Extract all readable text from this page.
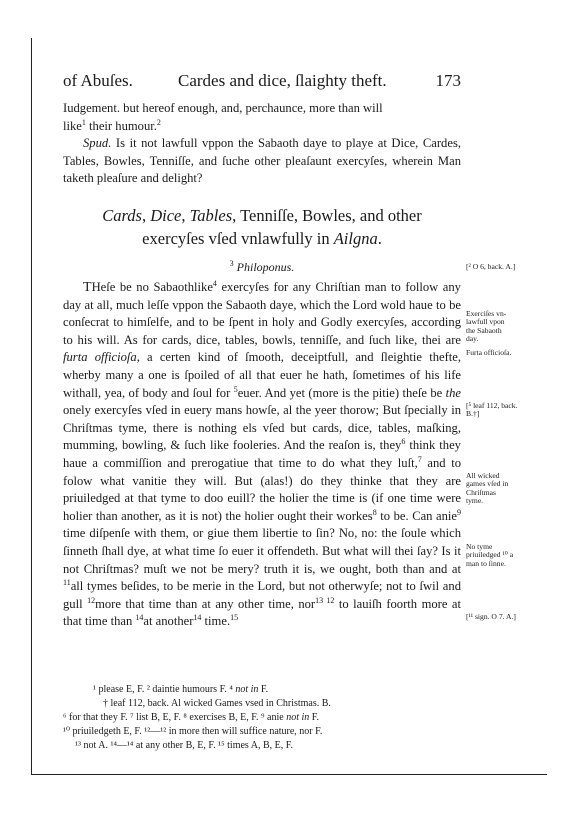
of Abuſes.	Cardes and dice, ſlaighty theft.	173

Iudgement. but hereof enough, and, perchaunce, more than will

like$^1$ their humour.$^2$

Spud. Is it not lawfull vppon the Sabaoth daye to playe at Dice, Cardes, Tables, Bowles, Tenniſſe, and ſuche other pleaſaunt exercyſes, wherein Man taketh pleaſure and delight?

Cards, Dice, Tables, Tenniſſe, Bowles, and other
exercyſes vſed vnlawfully in Ailgna.
$^3$ Philoponus.

THeſe be no Sabaothlike$^4$ exercyſes for any Chriſtian man to follow any day at all, much leſſe vppon the Sabaoth daye, which the Lord wold haue to be conſecrat to himſelfe, and to be ſpent in holy and Godly exercyſes, according to his will. As for cards, dice, tables, bowls, tenniſſe, and ſuch like, thei are furta officioſa, a certen kind of ſmooth, deceiptfull, and ſleightie thefte, wherby many a one is ſpoiled of all that euer he hath, ſometimes of his life withall, yea, of body and ſoul for $^5$euer. And yet (more is the pitie) theſe be the onely exercyſes vſed in euery mans howſe, al the yeer thorow; But ſpecially in Chriſtmas tyme, there is nothing els vſed but cards, dice, tables, maſking, mumming, bowling, & ſuch like fooleries. And the reaſon is, they$^6$ think they haue a commiſſion and prerogatiue that time to do what they luſt,$^7$ and to folow what vanitie they will. But (alas!) do they thinke that they are priuiledged at that tyme to doo euill? the holier the time is (if one time were holier than another, as it is not) the holier ought their workes$^8$ to be. Can anie$^9$ time diſpenſe with them, or giue them libertie to ſin? No, no: the ſoule which ſinneth ſhall dye, at what time ſo euer it offendeth. But what will thei ſay? Is it not Chriſtmas? muſt we not be mery? truth it is, we ought, both than and at $^{11}$all tymes beſides, to be merie in the Lord, but not otherwyſe; not to ſwil and gull $^{12}$more that time than at any other time, nor$^{13 12}$ to lauiſh foorth more at that time than $^{14}$at another$^{14}$ time.$^{15}$

[² O 6, back. A.]
Exerciſes vn-
lawfull vpon
the Sabaoth
day.
Furta officioſa.
[⁵ leaf 112, back.
B.†]
All wicked
games vſed in
Chriſtmas
tyme.
No tyme
priuiledged ¹⁰ a
man to ſinne.
[¹¹ sign. O 7. A.]

¹ please E, F. ² daintie humours F. ⁴ not in F.

† leaf 112, back. Al wicked Games vsed in Christmas. B.

⁶ for that they F. ⁷ list B, E, F. ⁸ exercises B, E, F. ⁹ anie not in F.

¹⁰ priuiledgeth E, F. ¹²—¹² in more then will suffice nature, nor F.

¹³ not A. ¹⁴—¹⁴ at any other B, E, F. ¹⁵ times A, B, E, F.
